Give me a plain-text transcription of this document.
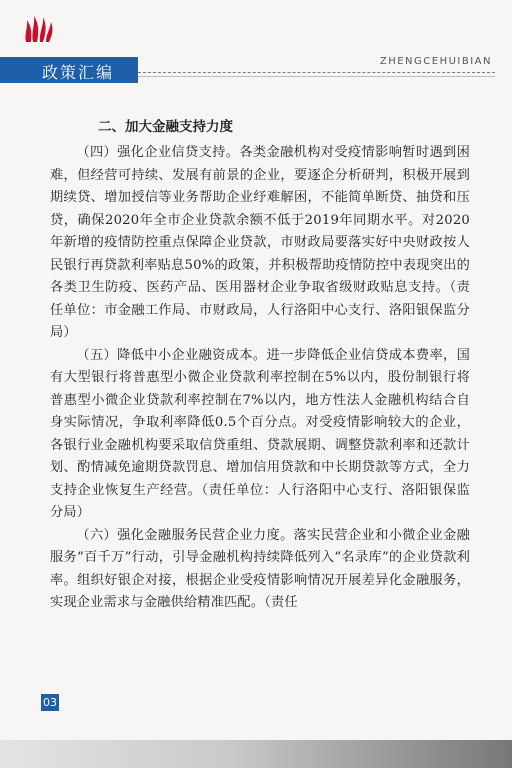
政策汇编
ZHENGCEHUIBIAN

二、加大金融支持力度

（四）强化企业信贷支持。各类金融机构对受疫情影响暂时遇到困难，但经营可持续、发展有前景的企业，要逐企分析研判，积极开展到期续贷、增加授信等业务帮助企业纾难解困，不能简单断贷、抽贷和压贷，确保2020年全市企业贷款余额不低于2019年同期水平。对2020年新增的疫情防控重点保障企业贷款，市财政局要落实好中央财政按人民银行再贷款利率贴息50%的政策，并积极帮助疫情防控中表现突出的各类卫生防疫、医药产品、医用器材企业争取省级财政贴息支持。（责任单位：市金融工作局、市财政局，人行洛阳中心支行、洛阳银保监分局）

（五）降低中小企业融资成本。进一步降低企业信贷成本费率，国有大型银行将普惠型小微企业贷款利率控制在5%以内，股份制银行将普惠型小微企业贷款利率控制在7%以内，地方性法人金融机构结合自身实际情况，争取利率降低0.5个百分点。对受疫情影响较大的企业，各银行业金融机构要采取信贷重组、贷款展期、调整贷款利率和还款计划、酌情减免逾期贷款罚息、增加信用贷款和中长期贷款等方式，全力支持企业恢复生产经营。（责任单位：人行洛阳中心支行、洛阳银保监分局）

（六）强化金融服务民营企业力度。落实民营企业和小微企业金融服务“百千万”行动，引导金融机构持续降低列入“名录库”的企业贷款利率。组织好银企对接，根据企业受疫情影响情况开展差异化金融服务，实现企业需求与金融供给精准匹配。（责任

03
